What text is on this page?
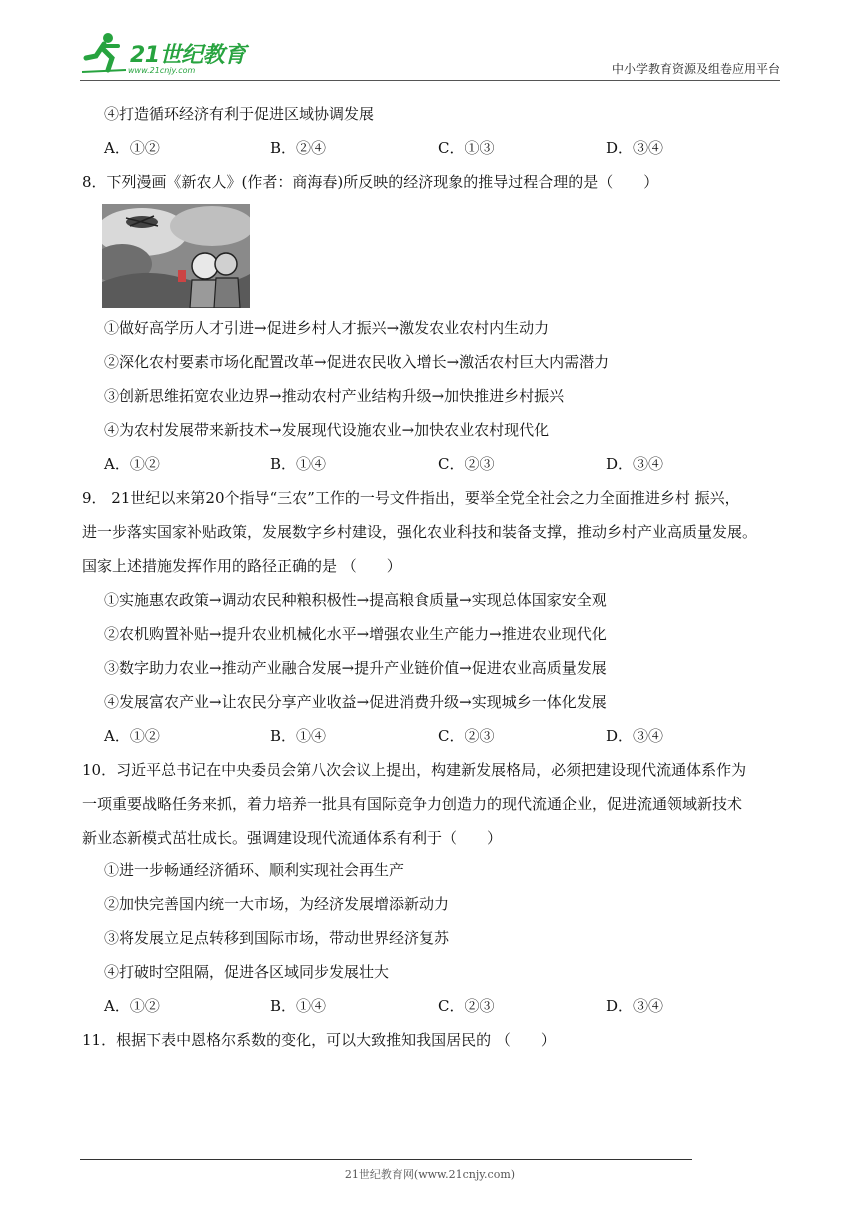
21世纪教育
www.21cnjy.com	中小学教育资源及组卷应用平台
④打造循环经济有利于促进区域协调发展
A．①②	B．②④	C．①③	D．③④
8．下列漫画《新农人》(作者：商海春)所反映的经济现象的推导过程合理的是（　　）
①做好高学历人才引进→促进乡村人才振兴→激发农业农村内生动力
②深化农村要素市场化配置改革→促进农民收入增长→激活农村巨大内需潜力
③创新思维拓宽农业边界→推动农村产业结构升级→加快推进乡村振兴
④为农村发展带来新技术→发展现代设施农业→加快农业农村现代化
A．①②	B．①④	C．②③	D．③④
9． 21世纪以来第20个指导“三农”工作的一号文件指出，要举全党全社会之力全面推进乡村 振兴，
进一步落实国家补贴政策，发展数字乡村建设，强化农业科技和装备支撑，推动乡村产业高质量发展。
国家上述措施发挥作用的路径正确的是 （　　）
①实施惠农政策→调动农民种粮积极性→提高粮食质量→实现总体国家安全观
②农机购置补贴→提升农业机械化水平→增强农业生产能力→推进农业现代化
③数字助力农业→推动产业融合发展→提升产业链价值→促进农业高质量发展
④发展富农产业→让农民分享产业收益→促进消费升级→实现城乡一体化发展
A．①②	B．①④	C．②③	D．③④
10．习近平总书记在中央委员会第八次会议上提出，构建新发展格局，必须把建设现代流通体系作为
一项重要战略任务来抓，着力培养一批具有国际竞争力创造力的现代流通企业，促进流通领域新技术
新业态新模式茁壮成长。强调建设现代流通体系有利于（　　）
①进一步畅通经济循环、顺利实现社会再生产
②加快完善国内统一大市场，为经济发展增添新动力
③将发展立足点转移到国际市场，带动世界经济复苏
④打破时空阻隔，促进各区域同步发展壮大
A．①②	B．①④	C．②③	D．③④
11．根据下表中恩格尔系数的变化，可以大致推知我国居民的 （　　）
21世纪教育网(www.21cnjy.com)
